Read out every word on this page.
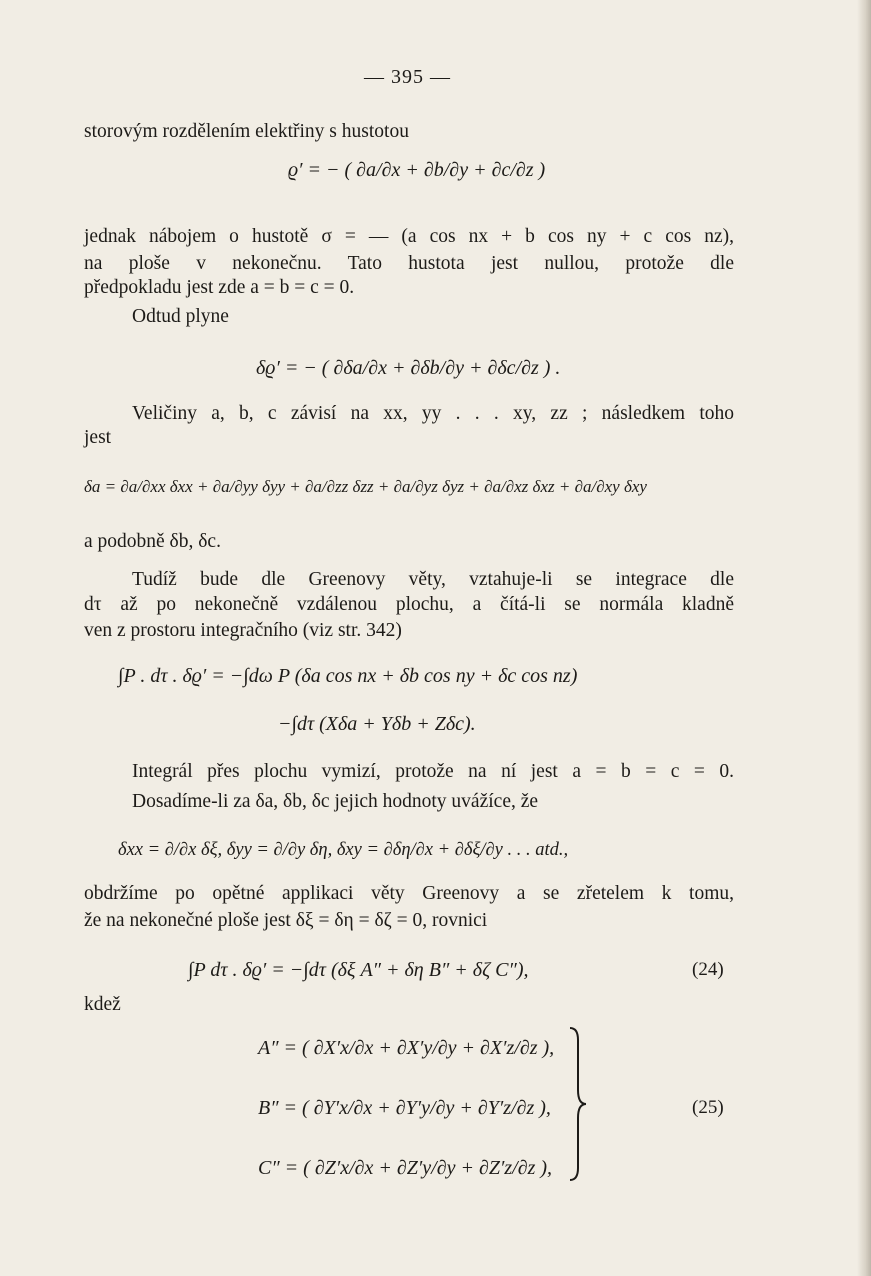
— 395 —
storovým rozdělením elektřiny s hustotou
ϱ′ = − ( ∂a/∂x + ∂b/∂y + ∂c/∂z )
jednak nábojem o hustotě σ = — (a cos nx + b cos ny + c cos nz),
na ploše v nekonečnu. Tato hustota jest nullou, protože dle
předpokladu jest zde a = b = c = 0.
Odtud plyne
δϱ′ = − ( ∂δa/∂x + ∂δb/∂y + ∂δc/∂z ) .
Veličiny a, b, c závisí na xx, yy . . . xy, zz ; následkem toho
jest
δa = ∂a/∂xx δxx + ∂a/∂yy δyy + ∂a/∂zz δzz + ∂a/∂yz δyz + ∂a/∂xz δxz + ∂a/∂xy δxy
a podobně δb, δc.
Tudíž bude dle Greenovy věty, vztahuje-li se integrace dle
dτ až po nekonečně vzdálenou plochu, a čítá-li se normála kladně
ven z prostoru integračního (viz str. 342)
∫P . dτ . δϱ′ = −∫dω P (δa cos nx + δb cos ny + δc cos nz)
−∫dτ (Xδa + Yδb + Zδc).
Integrál přes plochu vymizí, protože na ní jest a = b = c = 0.
Dosadíme-li za δa, δb, δc jejich hodnoty uvážíce, že
δxx = ∂/∂x δξ, δyy = ∂/∂y δη, δxy = ∂δη/∂x + ∂δξ/∂y . . . atd.,
obdržíme po opětné applikaci věty Greenovy a se zřetelem k tomu,
že na nekonečné ploše jest δξ = δη = δζ = 0, rovnici
∫P dτ . δϱ′ = −∫dτ (δξ A″ + δη B″ + δζ C″),	(24)
kdež
A″ = ( ∂X′x/∂x + ∂X′y/∂y + ∂X′z/∂z ),
B″ = ( ∂Y′x/∂x + ∂Y′y/∂y + ∂Y′z/∂z ),
C″ = ( ∂Z′x/∂x + ∂Z′y/∂y + ∂Z′z/∂z ),
(25)
